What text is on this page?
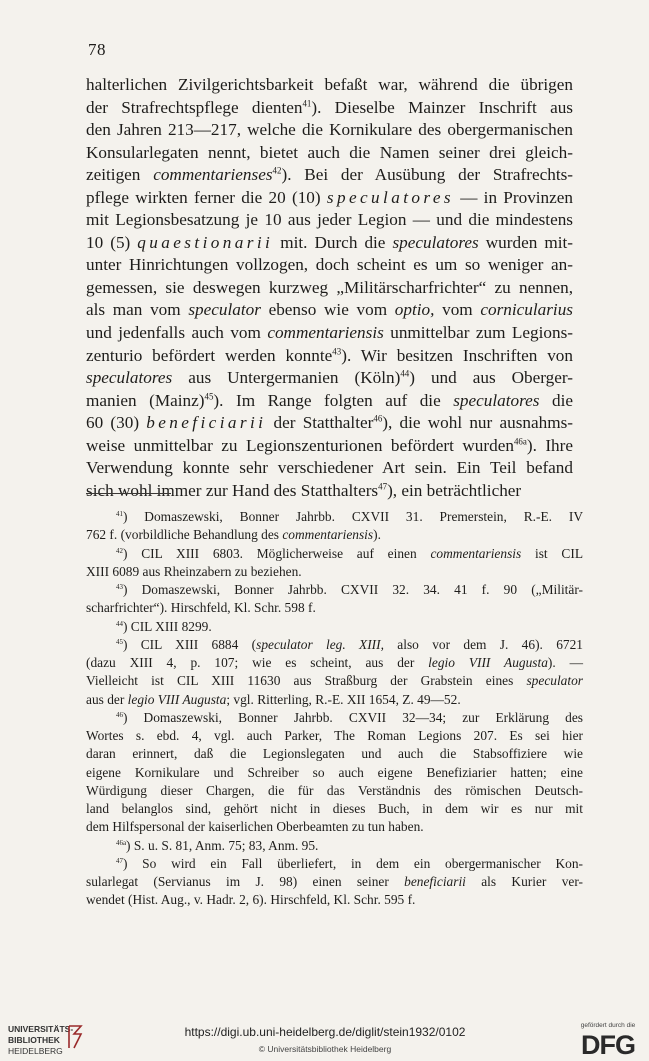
78
halterlichen Zivilgerichtsbarkeit befaßt war, während die übrigen
der Strafrechtspflege dienten$^{41}$). Dieselbe Mainzer Inschrift aus
den Jahren 213—217, welche die Kornikulare des obergermanischen
Konsularlegaten nennt, bietet auch die Namen seiner drei gleich-
zeitigen commentarienses$^{42}$). Bei der Ausübung der Strafrechts-
pflege wirkten ferner die 20 (10) speculatores — in Provinzen
mit Legionsbesatzung je 10 aus jeder Legion — und die mindestens
10 (5) quaestionarii mit. Durch die speculatores wurden mit-
unter Hinrichtungen vollzogen, doch scheint es um so weniger an-
gemessen, sie deswegen kurzweg „Militärscharfrichter“ zu nennen,
als man vom speculator ebenso wie vom optio, vom cornicularius
und jedenfalls auch vom commentariensis unmittelbar zum Legions-
zenturio befördert werden konnte$^{43}$). Wir besitzen Inschriften von
speculatores aus Untergermanien (Köln)$^{44}$) und aus Oberger-
manien (Mainz)$^{45}$). Im Range folgten auf die speculatores die
60 (30) beneficiarii der Statthalter$^{46}$), die wohl nur ausnahms-
weise unmittelbar zu Legionszenturionen befördert wurden$^{46a}$). Ihre
Verwendung konnte sehr verschiedener Art sein. Ein Teil befand
sich wohl immer zur Hand des Statthalters$^{47}$), ein beträchtlicher
$^{41}$) Domaszewski, Bonner Jahrbb. CXVII 31. Premerstein, R.-E. IV
762 f. (vorbildliche Behandlung des commentariensis).
$^{42}$) CIL XIII 6803. Möglicherweise auf einen commentariensis ist CIL
XIII 6089 aus Rheinzabern zu beziehen.
$^{43}$) Domaszewski, Bonner Jahrbb. CXVII 32. 34. 41 f. 90 („Militär-
scharfrichter“). Hirschfeld, Kl. Schr. 598 f.
$^{44}$) CIL XIII 8299.
$^{45}$) CIL XIII 6884 (speculator leg. XIII, also vor dem J. 46). 6721
(dazu XIII 4, p. 107; wie es scheint, aus der legio VIII Augusta). —
Vielleicht ist CIL XIII 11630 aus Straßburg der Grabstein eines speculator
aus der legio VIII Augusta; vgl. Ritterling, R.-E. XII 1654, Z. 49—52.
$^{46}$) Domaszewski, Bonner Jahrbb. CXVII 32—34; zur Erklärung des
Wortes s. ebd. 4, vgl. auch Parker, The Roman Legions 207. Es sei hier
daran erinnert, daß die Legionslegaten und auch die Stabsoffiziere wie
eigene Kornikulare und Schreiber so auch eigene Benefiziarier hatten; eine
Würdigung dieser Chargen, die für das Verständnis des römischen Deutsch-
land belanglos sind, gehört nicht in dieses Buch, in dem wir es nur mit
dem Hilfspersonal der kaiserlichen Oberbeamten zu tun haben.
$^{46a}$) S. u. S. 81, Anm. 75; 83, Anm. 95.
$^{47}$) So wird ein Fall überliefert, in dem ein obergermanischer Kon-
sularlegat (Servianus im J. 98) einen seiner beneficiarii als Kurier ver-
wendet (Hist. Aug., v. Hadr. 2, 6). Hirschfeld, Kl. Schr. 595 f.
UNIVERSITÄTS-
BIBLIOTHEK
HEIDELBERG
https://digi.ub.uni-heidelberg.de/diglit/stein1932/0102
© Universitätsbibliothek Heidelberg
gefördert durch die
DFG
